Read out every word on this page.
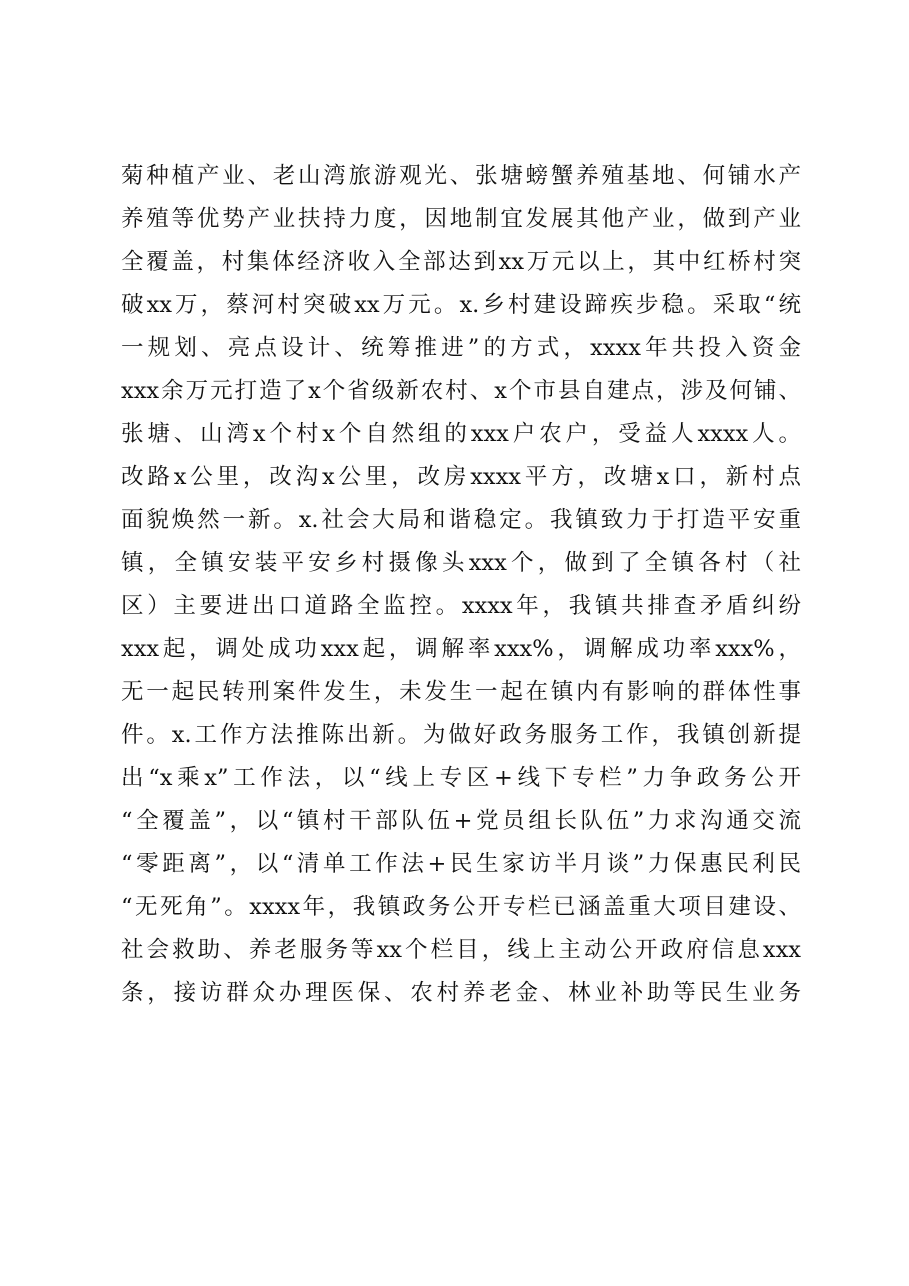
菊种植产业、老山湾旅游观光、张塘螃蟹养殖基地、何铺水产
养殖等优势产业扶持力度，因地制宜发展其他产业，做到产业
全覆盖，村集体经济收入全部达到xx万元以上，其中红桥村突
破xx万，蔡河村突破xx万元。x.乡村建设蹄疾步稳。采取“统
一规划、亮点设计、统筹推进”的方式，xxxx年共投入资金
xxx余万元打造了x个省级新农村、x个市县自建点，涉及何铺、
张塘、山湾x个村x个自然组的xxx户农户，受益人xxxx人。
改路x公里，改沟x公里，改房xxxx平方，改塘x口，新村点
面貌焕然一新。x.社会大局和谐稳定。我镇致力于打造平安重
镇，全镇安装平安乡村摄像头xxx个，做到了全镇各村（社
区）主要进出口道路全监控。xxxx年，我镇共排查矛盾纠纷
xxx起，调处成功xxx起，调解率xxx%，调解成功率xxx%，
无一起民转刑案件发生，未发生一起在镇内有影响的群体性事
件。x.工作方法推陈出新。为做好政务服务工作，我镇创新提
出“x乘x”工作法，以“线上专区+线下专栏”力争政务公开
“全覆盖”，以“镇村干部队伍+党员组长队伍”力求沟通交流
“零距离”，以“清单工作法+民生家访半月谈”力保惠民利民
“无死角”。xxxx年，我镇政务公开专栏已涵盖重大项目建设、
社会救助、养老服务等xx个栏目，线上主动公开政府信息xxx
条，接访群众办理医保、农村养老金、林业补助等民生业务
